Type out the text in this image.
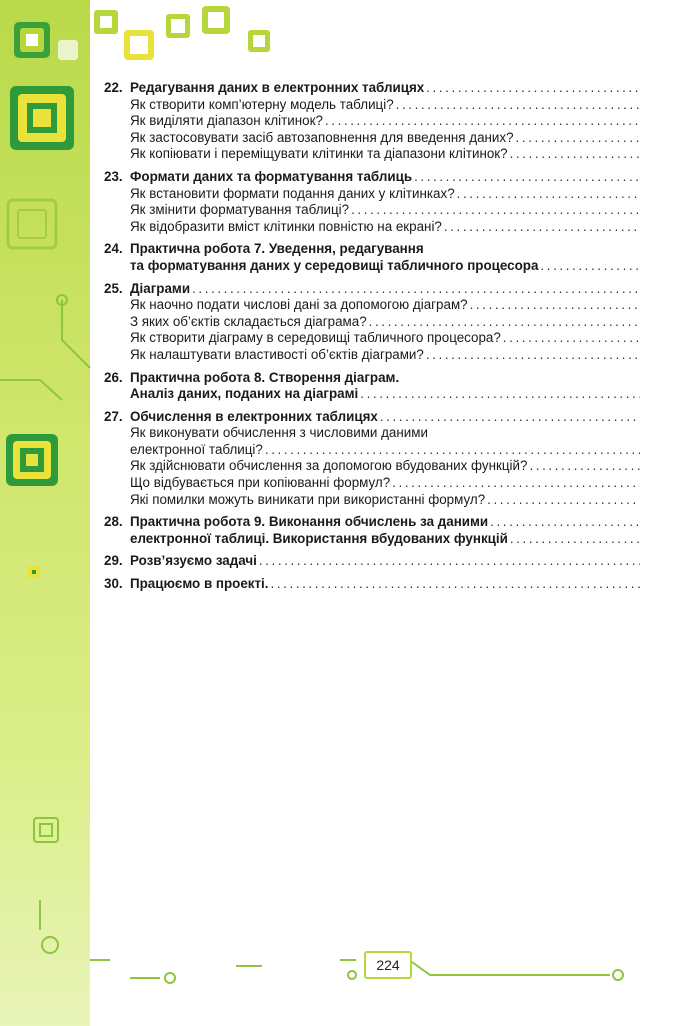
22. Редагування даних в електронних таблицях
.....
Як створити комп’ютерну модель таблиці?
.....
Як виділяти діапазон клітинок?
.....
Як застосовувати засіб автозаповнення для введення даних?
.....
Як копіювати і переміщувати клітинки та діапазони клітинок?
.....
23. Формати даних та форматування таблиць
.....
Як встановити формати подання даних у клітинках?
.....
Як змінити форматування таблиці?
.....
Як відобразити вміст клітинки повністю на екрані?
.....
24. Практична робота 7. Уведення, редагування
та форматування даних у середовищі табличного процесора
.....
25. Діаграми
.....
Як наочно подати числові дані за допомогою діаграм?
.....
З яких об’єктів складається діаграма?
.....
Як створити діаграму в середовищі табличного процесора?
.....
Як налаштувати властивості об’єктів діаграми?
.....
26. Практична робота 8. Створення діаграм.
Аналіз даних, поданих на діаграмі
.....
27. Обчислення в електронних таблицях
.....
Як виконувати обчислення з числовими даними
електронної таблиці?
.....
Як здійснювати обчислення за допомогою вбудованих функцій?
.....
Що відбувається при копіюванні формул?
.....
Які помилки можуть виникати при використанні формул?
.....
28. Практична робота 9. Виконання обчислень за даними
.....
електронної таблиці. Використання вбудованих функцій
.....
29. Розв’язуємо задачі
.....
30. Працюємо в проекті.
.....
224
